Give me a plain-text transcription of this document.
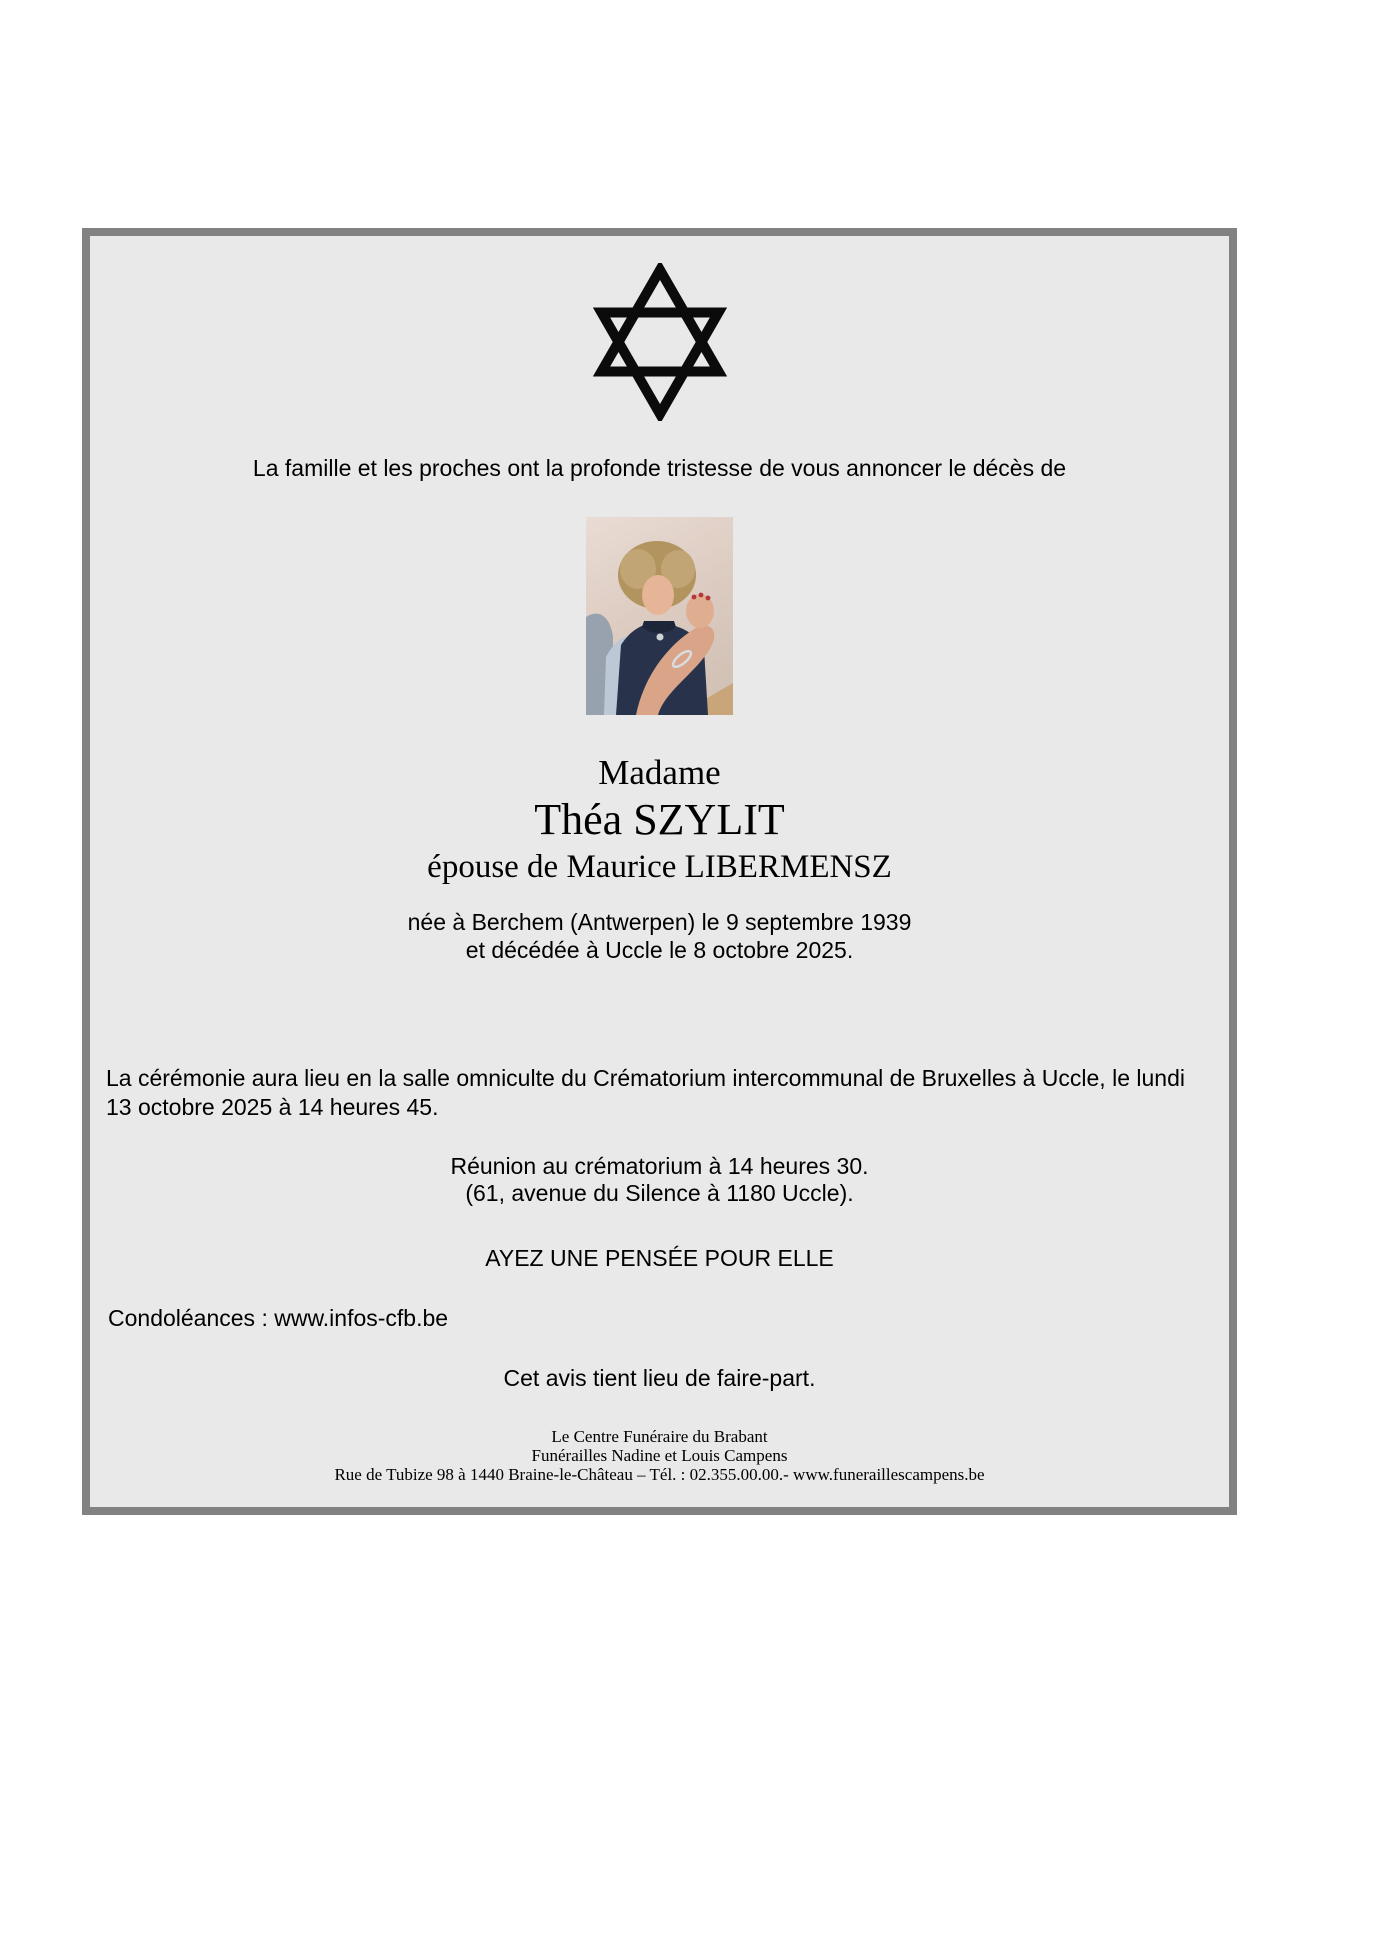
La famille et les proches ont la profonde tristesse de vous annoncer le décès de

Madame
Théa SZYLIT
épouse de Maurice LIBERMENSZ
née à Berchem (Antwerpen) le 9 septembre 1939
et décédée à Uccle le 8 octobre 2025.

La cérémonie aura lieu en la salle omniculte du Crématorium intercommunal de Bruxelles à Uccle, le lundi 13 octobre 2025 à 14 heures 45.

Réunion au crématorium à 14 heures 30.
(61, avenue du Silence à 1180 Uccle).
AYEZ UNE PENSÉE POUR ELLE
Condoléances : www.infos-cfb.be
Cet avis tient lieu de faire-part.
Le Centre Funéraire du Brabant
Funérailles Nadine et Louis Campens
Rue de Tubize 98 à 1440 Braine-le-Château – Tél. : 02.355.00.00.- www.funeraillescampens.be
